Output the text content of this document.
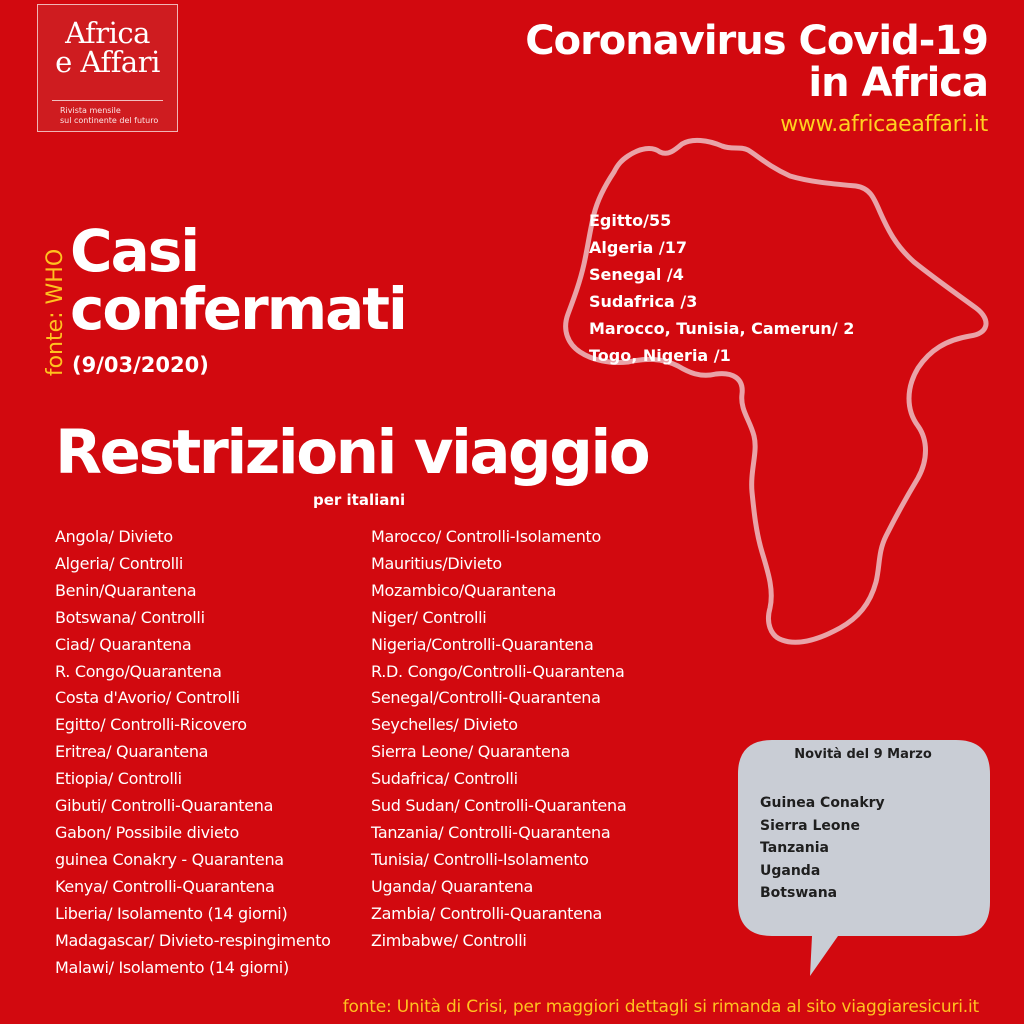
Africa
e Affari
Rivista mensile
sul continente del futuro
Coronavirus Covid-19
in Africa
www.africaeaffari.it
fonte: WHO Casi
confermati
(9/03/2020)
Egitto/55
Algeria /17
Senegal /4
Sudafrica /3
Marocco, Tunisia, Camerun/ 2
Togo, Nigeria /1
Restrizioni viaggio
per italiani
Angola/ Divieto
Algeria/ Controlli
Benin/Quarantena
Botswana/ Controlli
Ciad/ Quarantena
R. Congo/Quarantena
Costa d'Avorio/ Controlli
Egitto/ Controlli-Ricovero
Eritrea/ Quarantena
Etiopia/ Controlli
Gibuti/ Controlli-Quarantena
Gabon/ Possibile divieto
guinea Conakry - Quarantena
Kenya/ Controlli-Quarantena
Liberia/ Isolamento (14 giorni)
Madagascar/ Divieto-respingimento
Malawi/ Isolamento (14 giorni)
Marocco/ Controlli-Isolamento
Mauritius/Divieto
Mozambico/Quarantena
Niger/ Controlli
Nigeria/Controlli-Quarantena
R.D. Congo/Controlli-Quarantena
Senegal/Controlli-Quarantena
Seychelles/ Divieto
Sierra Leone/ Quarantena
Sudafrica/ Controlli
Sud Sudan/ Controlli-Quarantena
Tanzania/ Controlli-Quarantena
Tunisia/ Controlli-Isolamento
Uganda/ Quarantena
Zambia/ Controlli-Quarantena
Zimbabwe/ Controlli
Novità del 9 Marzo
Guinea Conakry
Sierra Leone
Tanzania
Uganda
Botswana
fonte: Unità di Crisi, per maggiori dettagli si rimanda al sito viaggiaresicuri.it
